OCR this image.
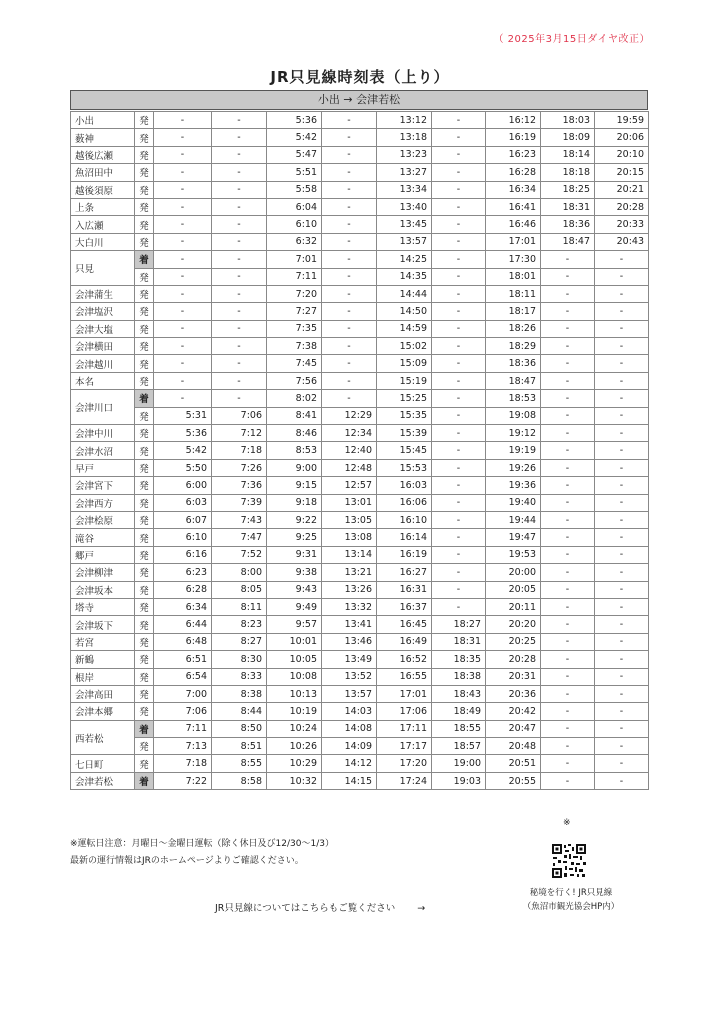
（ 2025年3月15日ダイヤ改正）
JR只見線時刻表（上り）
小出 → 会津若松
小出	発	-	-	5:36	-	13:12	-	16:12	18:03	19:59
薮神	発	-	-	5:42	-	13:18	-	16:19	18:09	20:06
越後広瀬	発	-	-	5:47	-	13:23	-	16:23	18:14	20:10
魚沼田中	発	-	-	5:51	-	13:27	-	16:28	18:18	20:15
越後須原	発	-	-	5:58	-	13:34	-	16:34	18:25	20:21
上条	発	-	-	6:04	-	13:40	-	16:41	18:31	20:28
入広瀬	発	-	-	6:10	-	13:45	-	16:46	18:36	20:33
大白川	発	-	-	6:32	-	13:57	-	17:01	18:47	20:43
只見	着	-	-	7:01	-	14:25	-	17:30	-	-
	発	-	-	7:11	-	14:35	-	18:01	-	-
会津蒲生	発	-	-	7:20	-	14:44	-	18:11	-	-
会津塩沢	発	-	-	7:27	-	14:50	-	18:17	-	-
会津大塩	発	-	-	7:35	-	14:59	-	18:26	-	-
会津横田	発	-	-	7:38	-	15:02	-	18:29	-	-
会津越川	発	-	-	7:45	-	15:09	-	18:36	-	-
本名	発	-	-	7:56	-	15:19	-	18:47	-	-
会津川口	着	-	-	8:02	-	15:25	-	18:53	-	-
	発	5:31	7:06	8:41	12:29	15:35	-	19:08	-	-
会津中川	発	5:36	7:12	8:46	12:34	15:39	-	19:12	-	-
会津水沼	発	5:42	7:18	8:53	12:40	15:45	-	19:19	-	-
早戸	発	5:50	7:26	9:00	12:48	15:53	-	19:26	-	-
会津宮下	発	6:00	7:36	9:15	12:57	16:03	-	19:36	-	-
会津西方	発	6:03	7:39	9:18	13:01	16:06	-	19:40	-	-
会津桧原	発	6:07	7:43	9:22	13:05	16:10	-	19:44	-	-
滝谷	発	6:10	7:47	9:25	13:08	16:14	-	19:47	-	-
郷戸	発	6:16	7:52	9:31	13:14	16:19	-	19:53	-	-
会津柳津	発	6:23	8:00	9:38	13:21	16:27	-	20:00	-	-
会津坂本	発	6:28	8:05	9:43	13:26	16:31	-	20:05	-	-
塔寺	発	6:34	8:11	9:49	13:32	16:37	-	20:11	-	-
会津坂下	発	6:44	8:23	9:57	13:41	16:45	18:27	20:20	-	-
若宮	発	6:48	8:27	10:01	13:46	16:49	18:31	20:25	-	-
新鶴	発	6:51	8:30	10:05	13:49	16:52	18:35	20:28	-	-
根岸	発	6:54	8:33	10:08	13:52	16:55	18:38	20:31	-	-
会津高田	発	7:00	8:38	10:13	13:57	17:01	18:43	20:36	-	-
会津本郷	発	7:06	8:44	10:19	14:03	17:06	18:49	20:42	-	-
西若松	着	7:11	8:50	10:24	14:08	17:11	18:55	20:47	-	-
	発	7:13	8:51	10:26	14:09	17:17	18:57	20:48	-	-
七日町	発	7:18	8:55	10:29	14:12	17:20	19:00	20:51	-	-
会津若松	着	7:22	8:58	10:32	14:15	17:24	19:03	20:55	-	-
※
※運転日注意：月曜日～金曜日運転（除く休日及び12/30～1/3）
最新の運行情報はJRのホームページよりご確認ください。
秘境を行く! JR只見線
（魚沼市観光協会HP内）
JR只見線についてはこちらもご覧ください →
